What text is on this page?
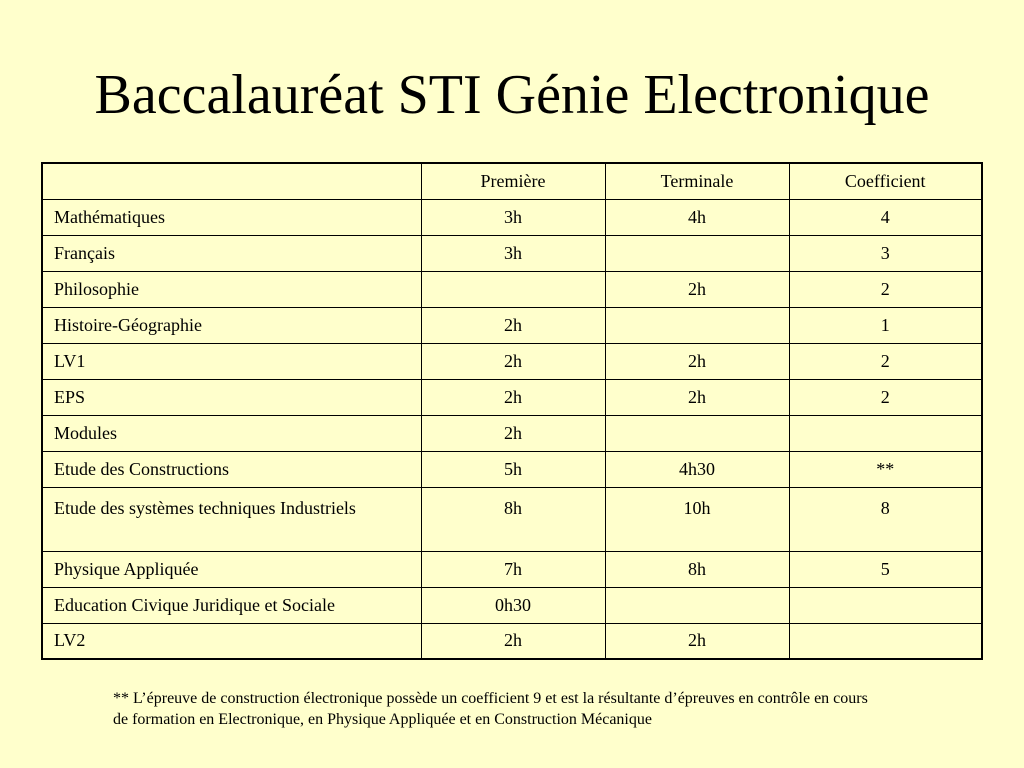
Baccalauréat STI Génie Electronique
	Première	Terminale	Coefficient
Mathématiques	3h	4h	4
Français	3h		3
Philosophie		2h	2
Histoire-Géographie	2h		1
LV1	2h	2h	2
EPS	2h	2h	2
Modules	2h		
Etude des Constructions	5h	4h30	**
Etude des systèmes techniques Industriels	8h	10h	8
Physique Appliquée	7h	8h	5
Education Civique Juridique et Sociale	0h30		
LV2	2h	2h	

** L’épreuve de construction électronique possède un coefficient 9 et est la résultante d’épreuves en contrôle en cours de formation en Electronique, en Physique Appliquée et en Construction Mécanique
